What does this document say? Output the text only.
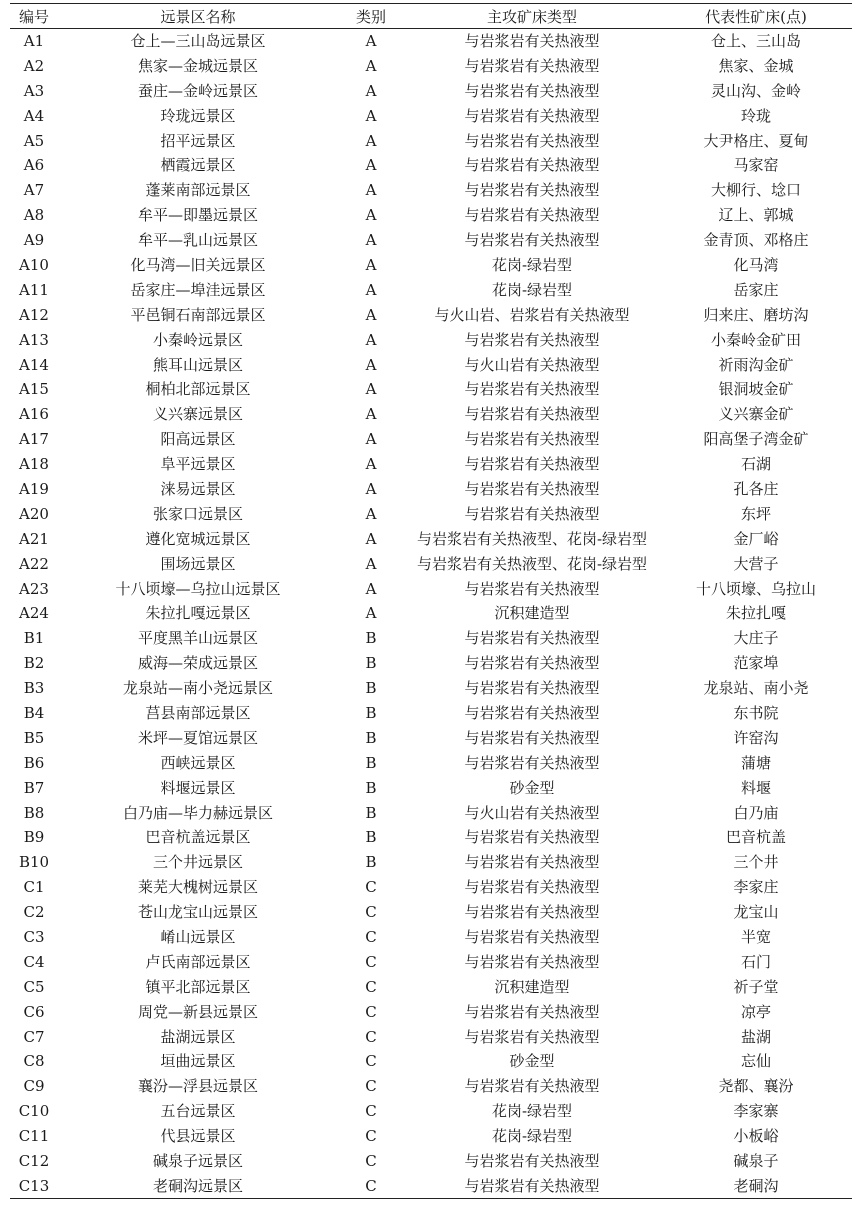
编号	远景区名称	类别	主攻矿床类型	代表性矿床(点)
A1	仓上—三山岛远景区	A	与岩浆岩有关热液型	仓上、三山岛
A2	焦家—金城远景区	A	与岩浆岩有关热液型	焦家、金城
A3	蚕庄—金岭远景区	A	与岩浆岩有关热液型	灵山沟、金岭
A4	玲珑远景区	A	与岩浆岩有关热液型	玲珑
A5	招平远景区	A	与岩浆岩有关热液型	大尹格庄、夏甸
A6	栖霞远景区	A	与岩浆岩有关热液型	马家窑
A7	蓬莱南部远景区	A	与岩浆岩有关热液型	大柳行、埝口
A8	牟平—即墨远景区	A	与岩浆岩有关热液型	辽上、郭城
A9	牟平—乳山远景区	A	与岩浆岩有关热液型	金青顶、邓格庄
A10	化马湾—旧关远景区	A	花岗-绿岩型	化马湾
A11	岳家庄—埠洼远景区	A	花岗-绿岩型	岳家庄
A12	平邑铜石南部远景区	A	与火山岩、岩浆岩有关热液型	归来庄、磨坊沟
A13	小秦岭远景区	A	与岩浆岩有关热液型	小秦岭金矿田
A14	熊耳山远景区	A	与火山岩有关热液型	祈雨沟金矿
A15	桐柏北部远景区	A	与岩浆岩有关热液型	银洞坡金矿
A16	义兴寨远景区	A	与岩浆岩有关热液型	义兴寨金矿
A17	阳高远景区	A	与岩浆岩有关热液型	阳高堡子湾金矿
A18	阜平远景区	A	与岩浆岩有关热液型	石湖
A19	涞易远景区	A	与岩浆岩有关热液型	孔各庄
A20	张家口远景区	A	与岩浆岩有关热液型	东坪
A21	遵化宽城远景区	A	与岩浆岩有关热液型、花岗-绿岩型	金厂峪
A22	围场远景区	A	与岩浆岩有关热液型、花岗-绿岩型	大营子
A23	十八顷壕—乌拉山远景区	A	与岩浆岩有关热液型	十八顷壕、乌拉山
A24	朱拉扎嘎远景区	A	沉积建造型	朱拉扎嘎
B1	平度黑羊山远景区	B	与岩浆岩有关热液型	大庄子
B2	威海—荣成远景区	B	与岩浆岩有关热液型	范家埠
B3	龙泉站—南小尧远景区	B	与岩浆岩有关热液型	龙泉站、南小尧
B4	莒县南部远景区	B	与岩浆岩有关热液型	东书院
B5	米坪—夏馆远景区	B	与岩浆岩有关热液型	许窑沟
B6	西峡远景区	B	与岩浆岩有关热液型	蒲塘
B7	料堰远景区	B	砂金型	料堰
B8	白乃庙—毕力赫远景区	B	与火山岩有关热液型	白乃庙
B9	巴音杭盖远景区	B	与岩浆岩有关热液型	巴音杭盖
B10	三个井远景区	B	与岩浆岩有关热液型	三个井
C1	莱芜大槐树远景区	C	与岩浆岩有关热液型	李家庄
C2	苍山龙宝山远景区	C	与岩浆岩有关热液型	龙宝山
C3	崤山远景区	C	与岩浆岩有关热液型	半宽
C4	卢氏南部远景区	C	与岩浆岩有关热液型	石门
C5	镇平北部远景区	C	沉积建造型	祈子堂
C6	周党—新县远景区	C	与岩浆岩有关热液型	凉亭
C7	盐湖远景区	C	与岩浆岩有关热液型	盐湖
C8	垣曲远景区	C	砂金型	忘仙
C9	襄汾—浮县远景区	C	与岩浆岩有关热液型	尧都、襄汾
C10	五台远景区	C	花岗-绿岩型	李家寨
C11	代县远景区	C	花岗-绿岩型	小板峪
C12	碱泉子远景区	C	与岩浆岩有关热液型	碱泉子
C13	老硐沟远景区	C	与岩浆岩有关热液型	老硐沟
